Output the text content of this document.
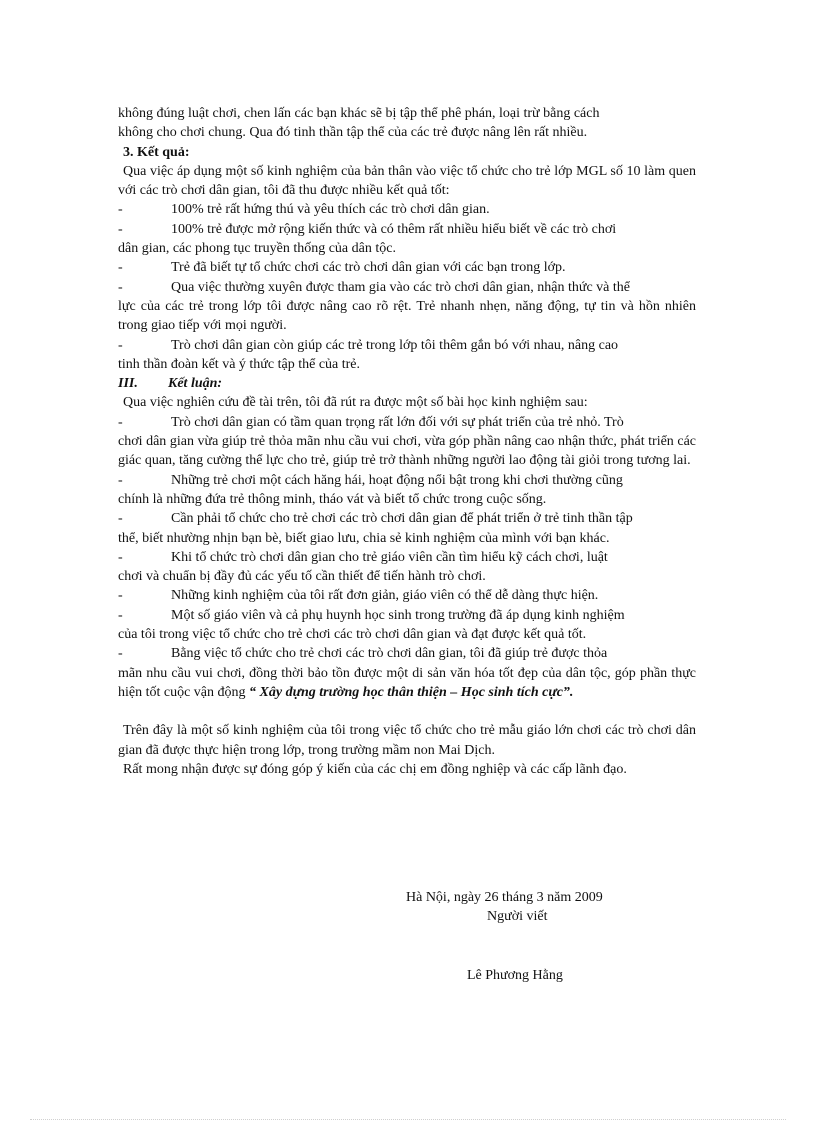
không đúng luật chơi, chen lấn các bạn khác sẽ bị tập thể phê phán, loại trừ bằng cách

không cho chơi chung. Qua đó tinh thần tập thể của các trẻ được nâng lên rất nhiều.

3. Kết quả:

Qua việc áp dụng một số kinh nghiệm của bản thân vào việc tổ chức cho trẻ lớp MGL số 10 làm quen với các trò chơi dân gian, tôi đã thu được nhiều kết quả tốt:

-	100% trẻ rất hứng thú và yêu thích các trò chơi dân gian.
-	100% trẻ được mở rộng kiến thức và có thêm rất nhiều hiểu biết về các trò chơi

dân gian, các phong tục truyền thống của dân tộc.

-	Trẻ đã biết tự tổ chức chơi các trò chơi dân gian với các bạn trong lớp.
-	Qua việc thường xuyên được tham gia vào các trò chơi dân gian, nhận thức và thể

lực của các trẻ trong lớp tôi được nâng cao rõ rệt. Trẻ nhanh nhẹn, năng động, tự tin và hồn nhiên trong giao tiếp với mọi người.

-	Trò chơi dân gian còn giúp các trẻ trong lớp tôi thêm gắn bó với nhau, nâng cao

tinh thần đoàn kết và ý thức tập thể của trẻ.

III.	Kết luận:

Qua việc nghiên cứu đề tài trên, tôi đã rút ra được một số bài học kinh nghiệm sau:

-	Trò chơi dân gian có tầm quan trọng rất lớn đối với sự phát triển của trẻ nhỏ. Trò

chơi dân gian vừa giúp trẻ thỏa mãn nhu cầu vui chơi, vừa góp phần nâng cao nhận thức, phát triển các giác quan, tăng cường thể lực cho trẻ, giúp trẻ trở thành những người lao động tài giỏi trong tương lai.

-	Những trẻ chơi một cách hăng hái, hoạt động nổi bật trong khi chơi thường cũng

chính là những đứa trẻ thông minh, tháo vát và biết tổ chức trong cuộc sống.

-	Cần phải tổ chức cho trẻ chơi các trò chơi dân gian để phát triển ở trẻ tinh thần tập

thể, biết nhường nhịn bạn bè, biết giao lưu, chia sẻ kinh nghiệm của mình với bạn khác.

-	Khi tổ chức trò chơi dân gian cho trẻ giáo viên cần tìm hiểu kỹ cách chơi, luật

chơi và chuẩn bị đầy đủ các yếu tố cần thiết để tiến hành trò chơi.

-	Những kinh nghiệm của tôi rất đơn giản, giáo viên có thể dễ dàng thực hiện.
-	Một số giáo viên và cả phụ huynh học sinh trong trường đã áp dụng kinh nghiệm

của tôi trong việc tổ chức cho trẻ chơi các trò chơi dân gian và đạt được kết quả tốt.

-	Bằng việc tổ chức cho trẻ chơi các trò chơi dân gian, tôi đã giúp trẻ được thỏa

mãn nhu cầu vui chơi, đồng thời bảo tồn được một di sản văn hóa tốt đẹp của dân tộc, góp phần thực hiện tốt cuộc vận động “ Xây dựng trường học thân thiện – Học sinh tích cực”.

Trên đây là một số kinh nghiệm của tôi trong việc tổ chức cho trẻ mẫu giáo lớn chơi các trò chơi dân gian đã được thực hiện trong lớp, trong trường mầm non Mai Dịch.

Rất mong nhận được sự đóng góp ý kiến của các chị em đồng nghiệp và các cấp lãnh đạo.

Hà Nội, ngày 26 tháng 3 năm 2009
Người viết
Lê Phương Hằng
